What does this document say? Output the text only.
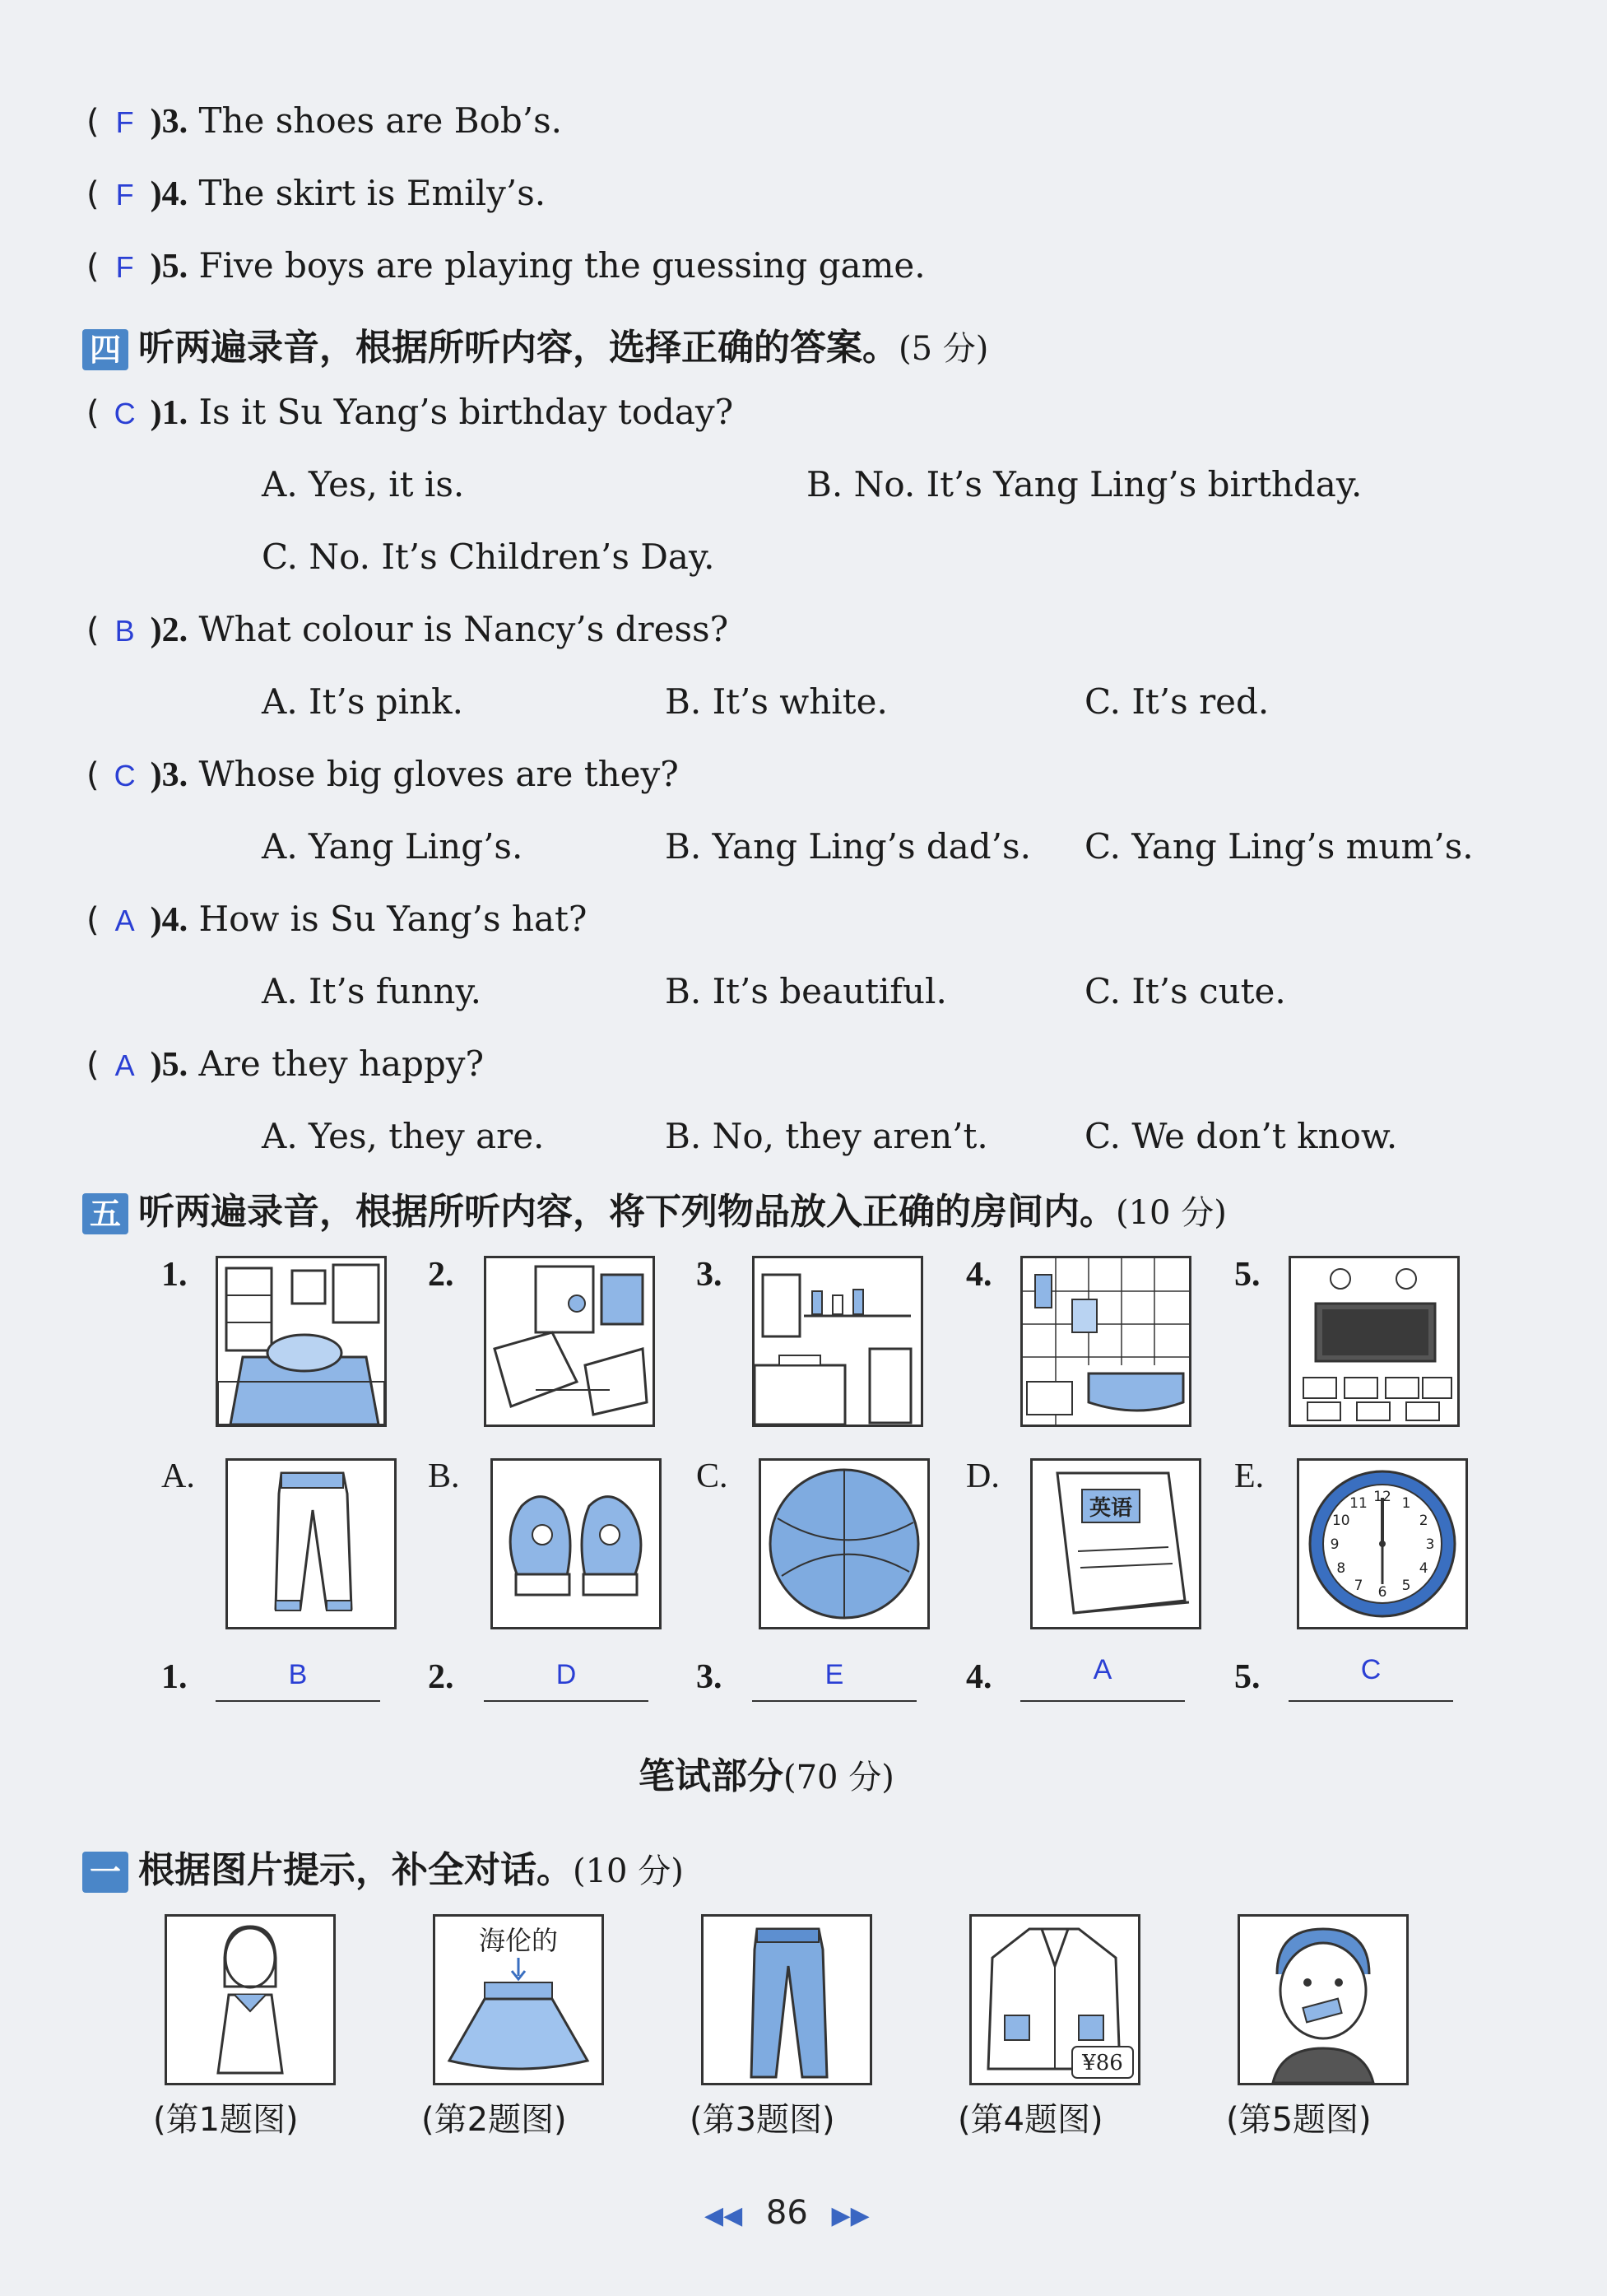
( F )3. The shoes are Bob’s.
( F )4. The skirt is Emily’s.
( F )5. Five boys are playing the guessing game.
四 听两遍录音，根据所听内容，选择正确的答案。(5 分)
( C )1. Is it Su Yang’s birthday today?
A. Yes, it is.	B. No. It’s Yang Ling’s birthday.
C. No. It’s Children’s Day.
( B )2. What colour is Nancy’s dress?
A. It’s pink.	B. It’s white.	C. It’s red.
( C )3. Whose big gloves are they?
A. Yang Ling’s.	B. Yang Ling’s dad’s. C. Yang Ling’s mum’s.
( A )4. How is Su Yang’s hat?
A. It’s funny.	B. It’s beautiful.	C. It’s cute.
( A )5. Are they happy?
A. Yes, they are.	B. No, they aren’t.	C. We don’t know.
五 听两遍录音，根据所听内容，将下列物品放入正确的房间内。(10 分)
1.	2.	3.	4.	5.
A.	B.	C.	D.
英语
E.
12 1
2
3
4
5
6
7
8
9
10
11
1.	B	2.	D	3.	E	4.	A	5.	C
笔试部分(70 分)
一 根据图片提示，补全对话。(10 分)
海伦的
¥86
(第1题图)	(第2题图)	(第3题图)	(第4题图)	(第5题图)
◀◀ 86 ▶▶
